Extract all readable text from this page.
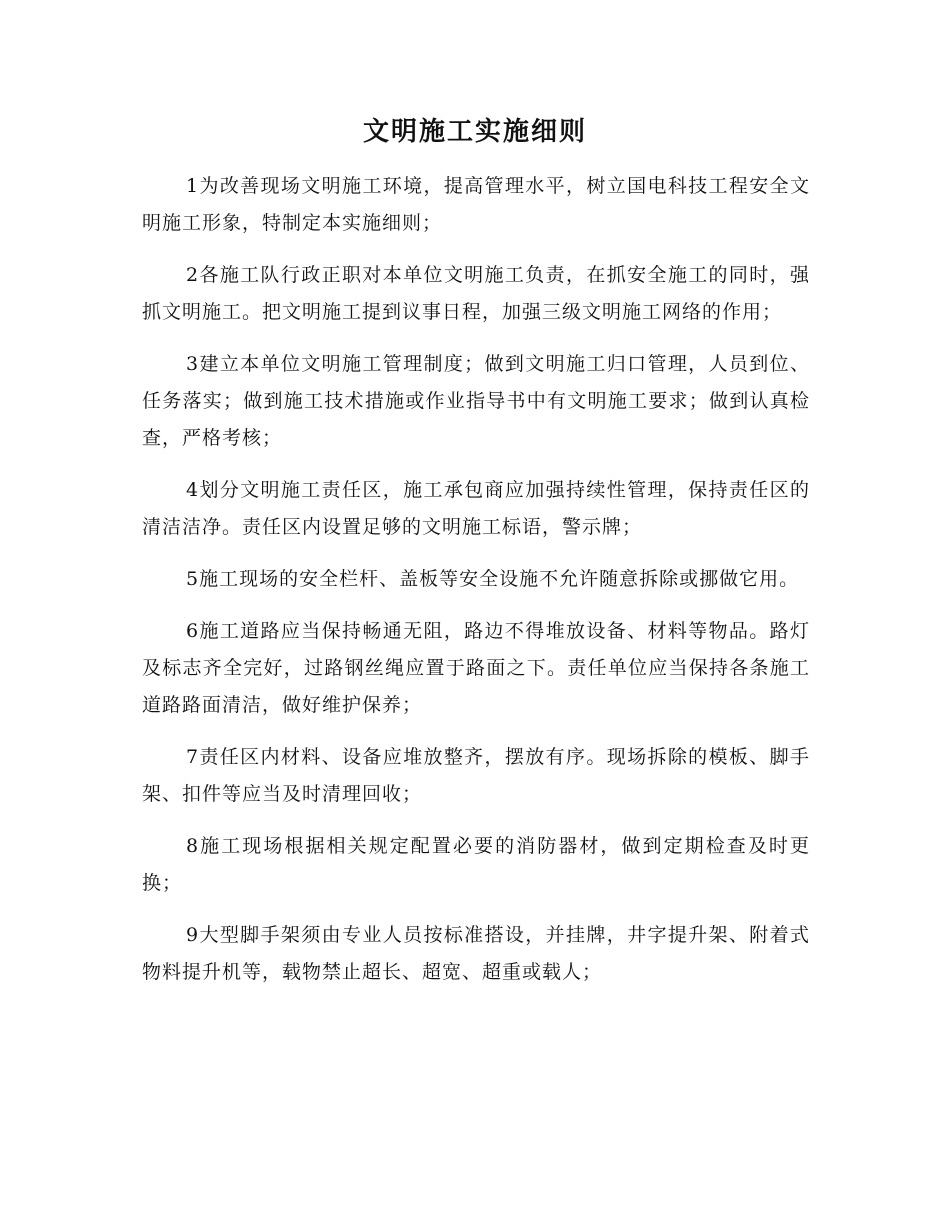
文明施工实施细则

1为改善现场文明施工环境，提高管理水平，树立国电科技工程安全文明施工形象，特制定本实施细则；

2各施工队行政正职对本单位文明施工负责，在抓安全施工的同时，强抓文明施工。把文明施工提到议事日程，加强三级文明施工网络的作用；

3建立本单位文明施工管理制度；做到文明施工归口管理，人员到位、任务落实；做到施工技术措施或作业指导书中有文明施工要求；做到认真检查，严格考核；

4划分文明施工责任区，施工承包商应加强持续性管理，保持责任区的清洁洁净。责任区内设置足够的文明施工标语，警示牌；

5施工现场的安全栏杆、盖板等安全设施不允许随意拆除或挪做它用。

6施工道路应当保持畅通无阻，路边不得堆放设备、材料等物品。路灯及标志齐全完好，过路钢丝绳应置于路面之下。责任单位应当保持各条施工道路路面清洁，做好维护保养；

7责任区内材料、设备应堆放整齐，摆放有序。现场拆除的模板、脚手架、扣件等应当及时清理回收；

8施工现场根据相关规定配置必要的消防器材，做到定期检查及时更换；

9大型脚手架须由专业人员按标准搭设，并挂牌，井字提升架、附着式物料提升机等，载物禁止超长、超宽、超重或载人；
